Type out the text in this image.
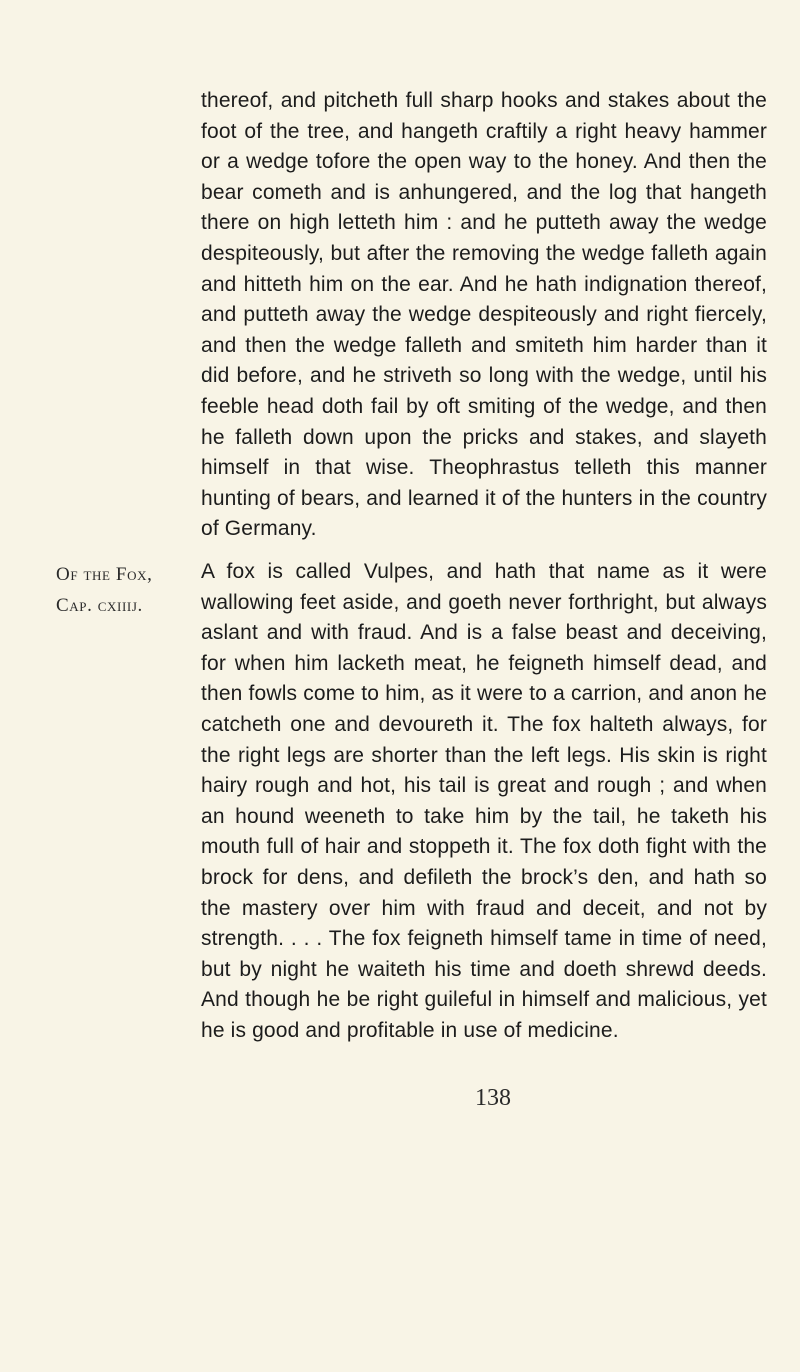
thereof, and pitcheth full sharp hooks and stakes about the foot of the tree, and hangeth craftily a right heavy hammer or a wedge tofore the open way to the honey. And then the bear cometh and is anhungered, and the log that hangeth there on high letteth him : and he putteth away the wedge despiteously, but after the removing the wedge falleth again and hitteth him on the ear. And he hath indignation thereof, and putteth away the wedge despiteously and right fiercely, and then the wedge falleth and smiteth him harder than it did before, and he striveth so long with the wedge, until his feeble head doth fail by oft smiting of the wedge, and then he falleth down upon the pricks and stakes, and slayeth himself in that wise. Theophrastus telleth this manner hunting of bears, and learned it of the hunters in the country of Germany.

Of the Fox,
Cap. cxiiij.

A fox is called Vulpes, and hath that name as it were wallowing feet aside, and goeth never forthright, but always aslant and with fraud. And is a false beast and deceiving, for when him lacketh meat, he feigneth himself dead, and then fowls come to him, as it were to a carrion, and anon he catcheth one and devoureth it. The fox halteth always, for the right legs are shorter than the left legs. His skin is right hairy rough and hot, his tail is great and rough ; and when an hound weeneth to take him by the tail, he taketh his mouth full of hair and stoppeth it. The fox doth fight with the brock for dens, and defileth the brock’s den, and hath so the mastery over him with fraud and deceit, and not by strength. . . . The fox feigneth himself tame in time of need, but by night he waiteth his time and doeth shrewd deeds. And though he be right guileful in himself and malicious, yet he is good and profitable in use of medicine.

138
